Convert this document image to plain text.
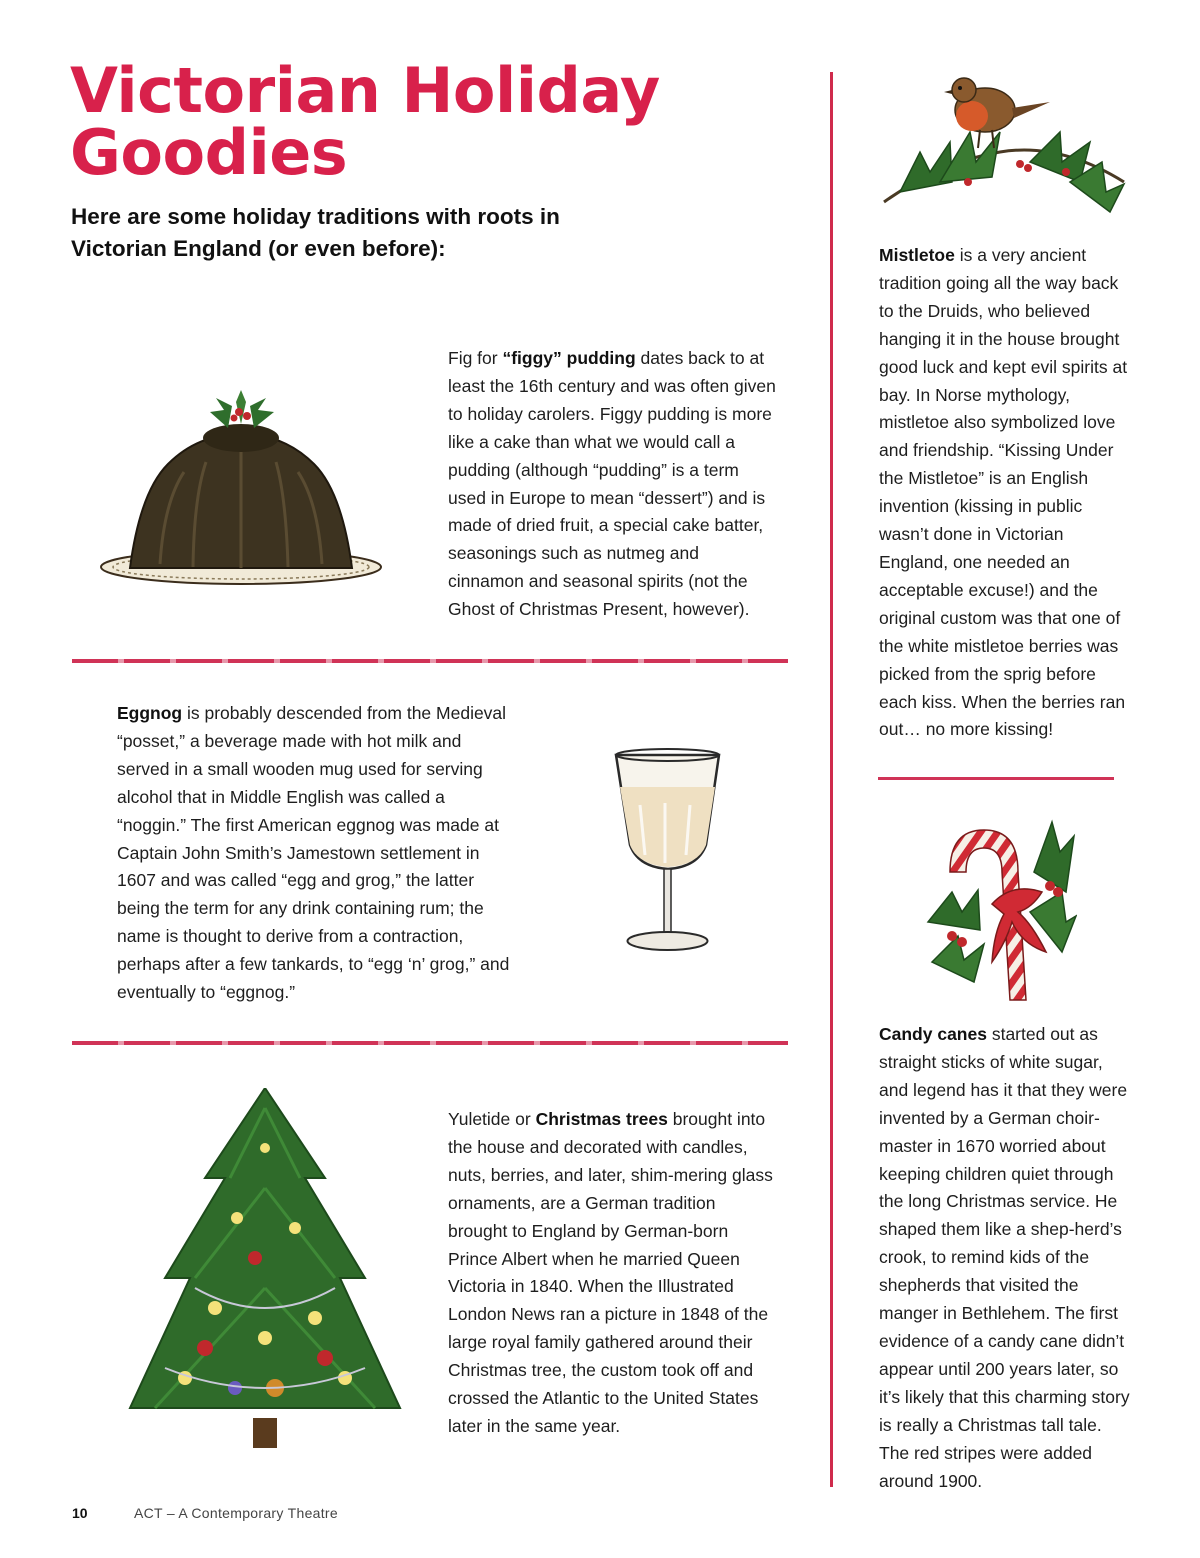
Victorian Holiday
Goodies

Here are some holiday traditions with roots in Victorian England (or even before):

Fig for “figgy” pudding dates back to at least the 16th century and was often given to holiday carolers. Figgy pudding is more like a cake than what we would call a pudding (although “pudding” is a term used in Europe to mean “dessert”) and is made of dried fruit, a special cake batter, seasonings such as nutmeg and cinnamon and seasonal spirits (not the Ghost of Christmas Present, however).

Eggnog is probably descended from the Medieval “posset,” a beverage made with hot milk and served in a small wooden mug used for serving alcohol that in Middle English was called a “noggin.” The first American eggnog was made at Captain John Smith’s Jamestown settlement in 1607 and was called “egg and grog,” the latter being the term for any drink containing rum; the name is thought to derive from a contraction, perhaps after a few tankards, to “egg ‘n’ grog,” and eventually to “eggnog.”

Yuletide or Christmas trees brought into the house and decorated with candles, nuts, berries, and later, shim-mering glass ornaments, are a German tradition brought to England by German-born Prince Albert when he married Queen Victoria in 1840. When the Illustrated London News ran a picture in 1848 of the large royal family gathered around their Christmas tree, the custom took off and crossed the Atlantic to the United States later in the same year.

Mistletoe is a very ancient tradition going all the way back to the Druids, who believed hanging it in the house brought good luck and kept evil spirits at bay. In Norse mythology, mistletoe also symbolized love and friendship. “Kissing Under the Mistletoe” is an English invention (kissing in public wasn’t done in Victorian England, one needed an acceptable excuse!) and the original custom was that one of the white mistletoe berries was picked from the sprig before each kiss. When the berries ran out… no more kissing!

Candy canes started out as straight sticks of white sugar, and legend has it that they were invented by a German choir-master in 1670 worried about keeping children quiet through the long Christmas service. He shaped them like a shep-herd’s crook, to remind kids of the shepherds that visited the manger in Bethlehem. The first evidence of a candy cane didn’t appear until 200 years later, so it’s likely that this charming story is really a Christmas tall tale. The red stripes were added around 1900.

10	ACT – A Contemporary Theatre
